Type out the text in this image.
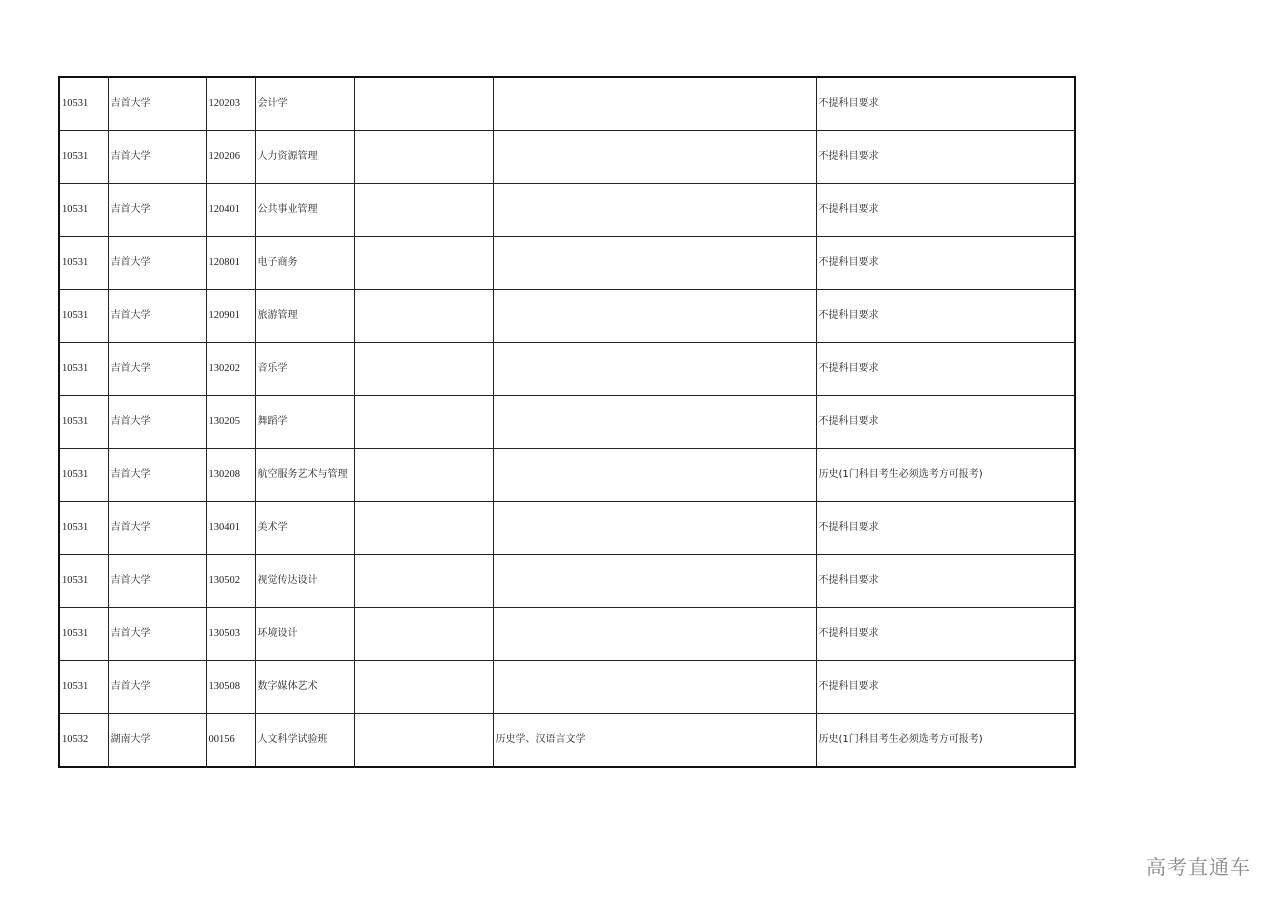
10531	吉首大学	120203	会计学			不提科目要求
10531	吉首大学	120206	人力资源管理			不提科目要求
10531	吉首大学	120401	公共事业管理			不提科目要求
10531	吉首大学	120801	电子商务			不提科目要求
10531	吉首大学	120901	旅游管理			不提科目要求
10531	吉首大学	130202	音乐学			不提科目要求
10531	吉首大学	130205	舞蹈学			不提科目要求
10531	吉首大学	130208	航空服务艺术与管理			历史(1门科目考生必须选考方可报考)
10531	吉首大学	130401	美术学			不提科目要求
10531	吉首大学	130502	视觉传达设计			不提科目要求
10531	吉首大学	130503	环境设计			不提科目要求
10531	吉首大学	130508	数字媒体艺术			不提科目要求
10532	湖南大学	00156	人文科学试验班		历史学、汉语言文学	历史(1门科目考生必须选考方可报考)
高考直通车
